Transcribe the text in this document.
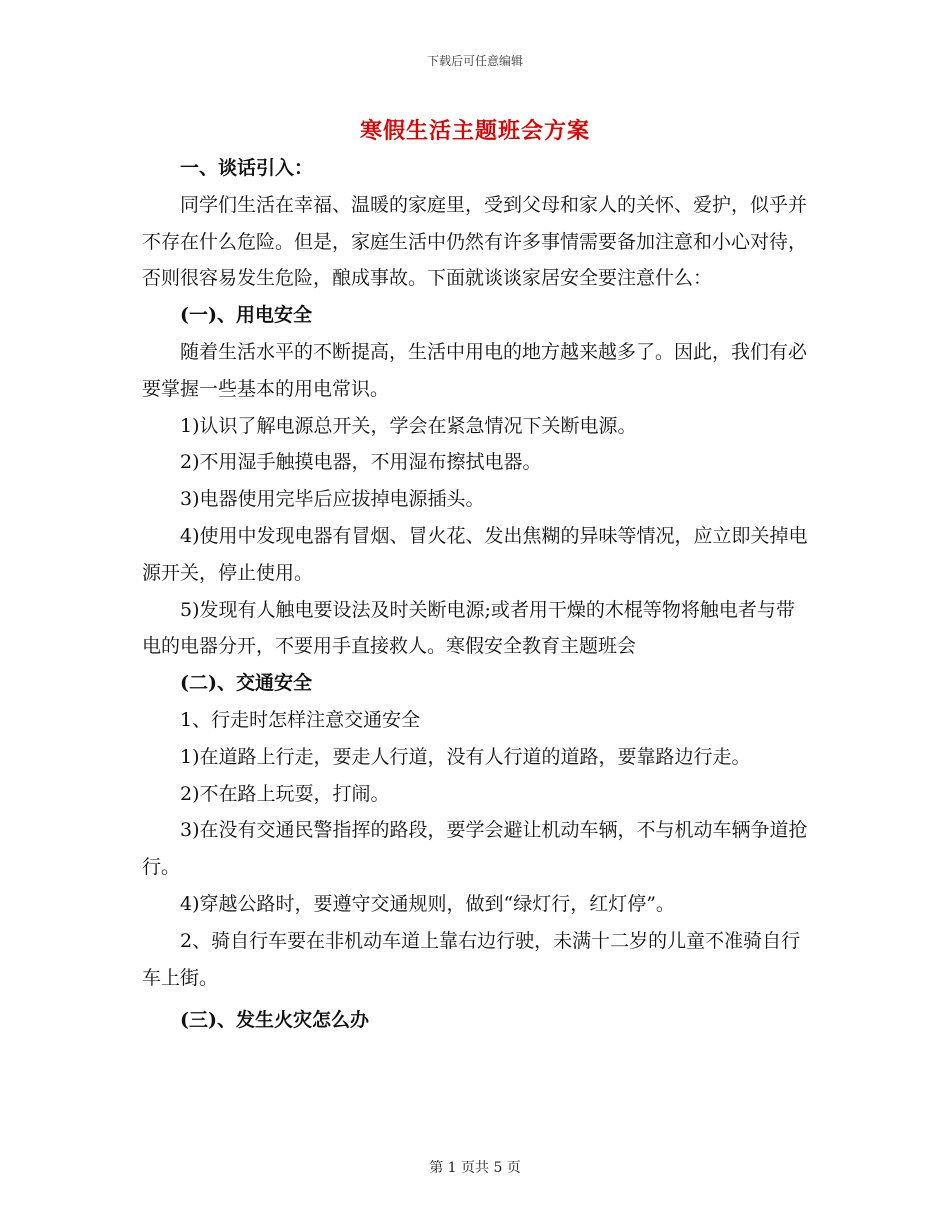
下载后可任意编辑
寒假生活主题班会方案

一、谈话引入：

同学们生活在幸福、温暖的家庭里，受到父母和家人的关怀、爱护，似乎并不存在什么危险。但是，家庭生活中仍然有许多事情需要备加注意和小心对待，否则很容易发生危险，酿成事故。下面就谈谈家居安全要注意什么：

(一)、用电安全

随着生活水平的不断提高，生活中用电的地方越来越多了。因此，我们有必要掌握一些基本的用电常识。

1)认识了解电源总开关，学会在紧急情况下关断电源。

2)不用湿手触摸电器，不用湿布擦拭电器。

3)电器使用完毕后应拔掉电源插头。

4)使用中发现电器有冒烟、冒火花、发出焦糊的异味等情况，应立即关掉电源开关，停止使用。

5)发现有人触电要设法及时关断电源;或者用干燥的木棍等物将触电者与带电的电器分开，不要用手直接救人。寒假安全教育主题班会

(二)、交通安全

1、行走时怎样注意交通安全

1)在道路上行走，要走人行道，没有人行道的道路，要靠路边行走。

2)不在路上玩耍，打闹。

3)在没有交通民警指挥的路段，要学会避让机动车辆，不与机动车辆争道抢行。

4)穿越公路时，要遵守交通规则，做到“绿灯行，红灯停”。

2、骑自行车要在非机动车道上靠右边行驶，未满十二岁的儿童不准骑自行车上街。

(三)、发生火灾怎么办

第 1 页共 5 页
